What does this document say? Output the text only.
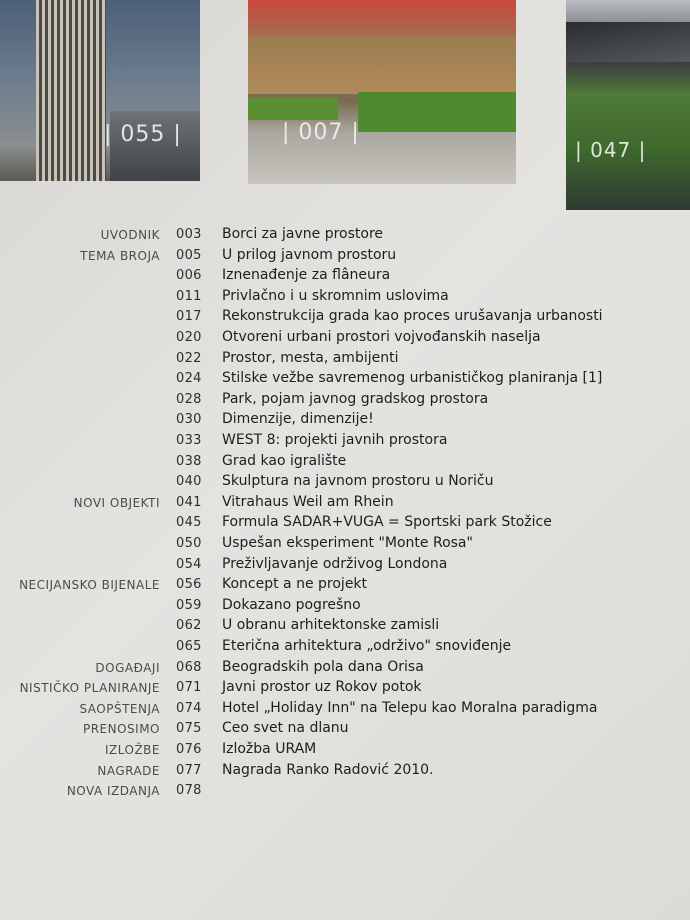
| 055 |	| 007 |
| 047 |
UVODNIK 003 Borci za javne prostore
TEMA BROJA 005 U prilog javnom prostoru
006 Iznenađenje za flâneura
011 Privlačno i u skromnim uslovima
017 Rekonstrukcija grada kao proces urušavanja urbanosti
020 Otvoreni urbani prostori vojvođanskih naselja
022 Prostor, mesta, ambijenti
024 Stilske vežbe savremenog urbanističkog planiranja [1]
028 Park, pojam javnog gradskog prostora
030 Dimenzije, dimenzije!
033 WEST 8: projekti javnih prostora
038 Grad kao igralište
040 Skulptura na javnom prostoru u Noriču
NOVI OBJEKTI 041 Vitrahaus Weil am Rhein
045 Formula SADAR+VUGA = Sportski park Stožice
050 Uspešan eksperiment "Monte Rosa"
054 Preživljavanje održivog Londona
NECIJANSKO BIJENALE 056 Koncept a ne projekt
059 Dokazano pogrešno
062 U obranu arhitektonske zamisli
065 Eterična arhitektura „održivo" snoviđenje
DOGAĐAJI 068 Beogradskih pola dana Orisa
NISTIČKO PLANIRANJE 071 Javni prostor uz Rokov potok
SAOPŠTENJA 074 Hotel „Holiday Inn" na Telepu kao Moralna paradigma
PRENOSIMO 075 Ceo svet na dlanu
IZLOŽBE 076 Izložba URAM
NAGRADE 077 Nagrada Ranko Radović 2010.
NOVA IZDANJA 078
